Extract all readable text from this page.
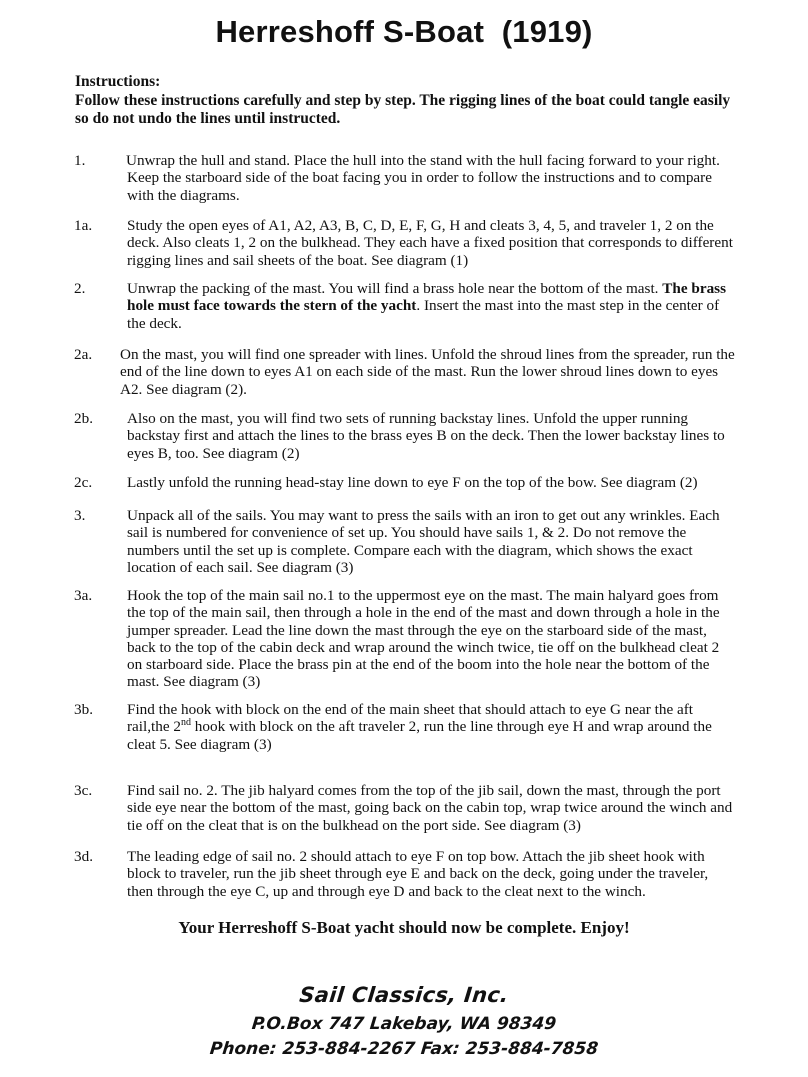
Herreshoff S-Boat  (1919)
Instructions:
Follow these instructions carefully and step by step. The rigging lines of the boat could tangle easily so do not undo the lines until instructed.
1.	Unwrap the hull and stand. Place the hull into the stand with the hull facing forward to your right. Keep the starboard side of the boat facing you in order to follow the instructions and to compare with the diagrams.
1a.	Study the open eyes of A1, A2, A3, B, C, D, E, F, G, H and cleats 3, 4, 5, and traveler 1, 2 on the deck. Also cleats 1, 2 on the bulkhead. They each have a fixed position that corresponds to different rigging lines and sail sheets of the boat. See diagram (1)
2.	Unwrap the packing of the mast. You will find a brass hole near the bottom of the mast. The brass hole must face towards the stern of the yacht. Insert the mast into the mast step in the center of the deck.
2a.	On the mast, you will find one spreader with lines. Unfold the shroud lines from the spreader, run the end of the line down to eyes A1 on each side of the mast. Run the lower shroud lines down to eyes A2. See diagram (2).
2b.	Also on the mast, you will find two sets of running backstay lines. Unfold the upper running backstay first and attach the lines to the brass eyes B on the deck. Then the lower backstay lines to eyes B, too. See diagram (2)
2c.	Lastly unfold the running head-stay line down to eye F on the top of the bow. See diagram (2)
3.	Unpack all of the sails. You may want to press the sails with an iron to get out any wrinkles. Each sail is numbered for convenience of set up. You should have sails 1, & 2. Do not remove the numbers until the set up is complete. Compare each with the diagram, which shows the exact location of each sail. See diagram (3)
3a.	Hook the top of the main sail no.1 to the uppermost eye on the mast. The main halyard goes from the top of the main sail, then through a hole in the end of the mast and down through a hole in the jumper spreader. Lead the line down the mast through the eye on the starboard side of the mast, back to the top of the cabin deck and wrap around the winch twice, tie off on the bulkhead cleat 2 on starboard side. Place the brass pin at the end of the boom into the hole near the bottom of the mast. See diagram (3)
3b.	Find the hook with block on the end of the main sheet that should attach to eye G near the aft rail,the 2nd hook with block on the aft traveler 2, run the line through eye H and wrap around the cleat 5. See diagram (3)
3c.	Find sail no. 2. The jib halyard comes from the top of the jib sail, down the mast, through the port side eye near the bottom of the mast, going back on the cabin top, wrap twice around the winch and tie off on the cleat that is on the bulkhead on the port side. See diagram (3)
3d.	The leading edge of sail no. 2 should attach to eye F on top bow. Attach the jib sheet hook with block to traveler, run the jib sheet through eye E and back on the deck, going under the traveler, then through the eye C, up and through eye D and back to the cleat next to the winch.
Your Herreshoff S-Boat yacht should now be complete. Enjoy!
Sail Classics, Inc.
P.O.Box 747 Lakebay, WA 98349
Phone: 253-884-2267 Fax: 253-884-7858
